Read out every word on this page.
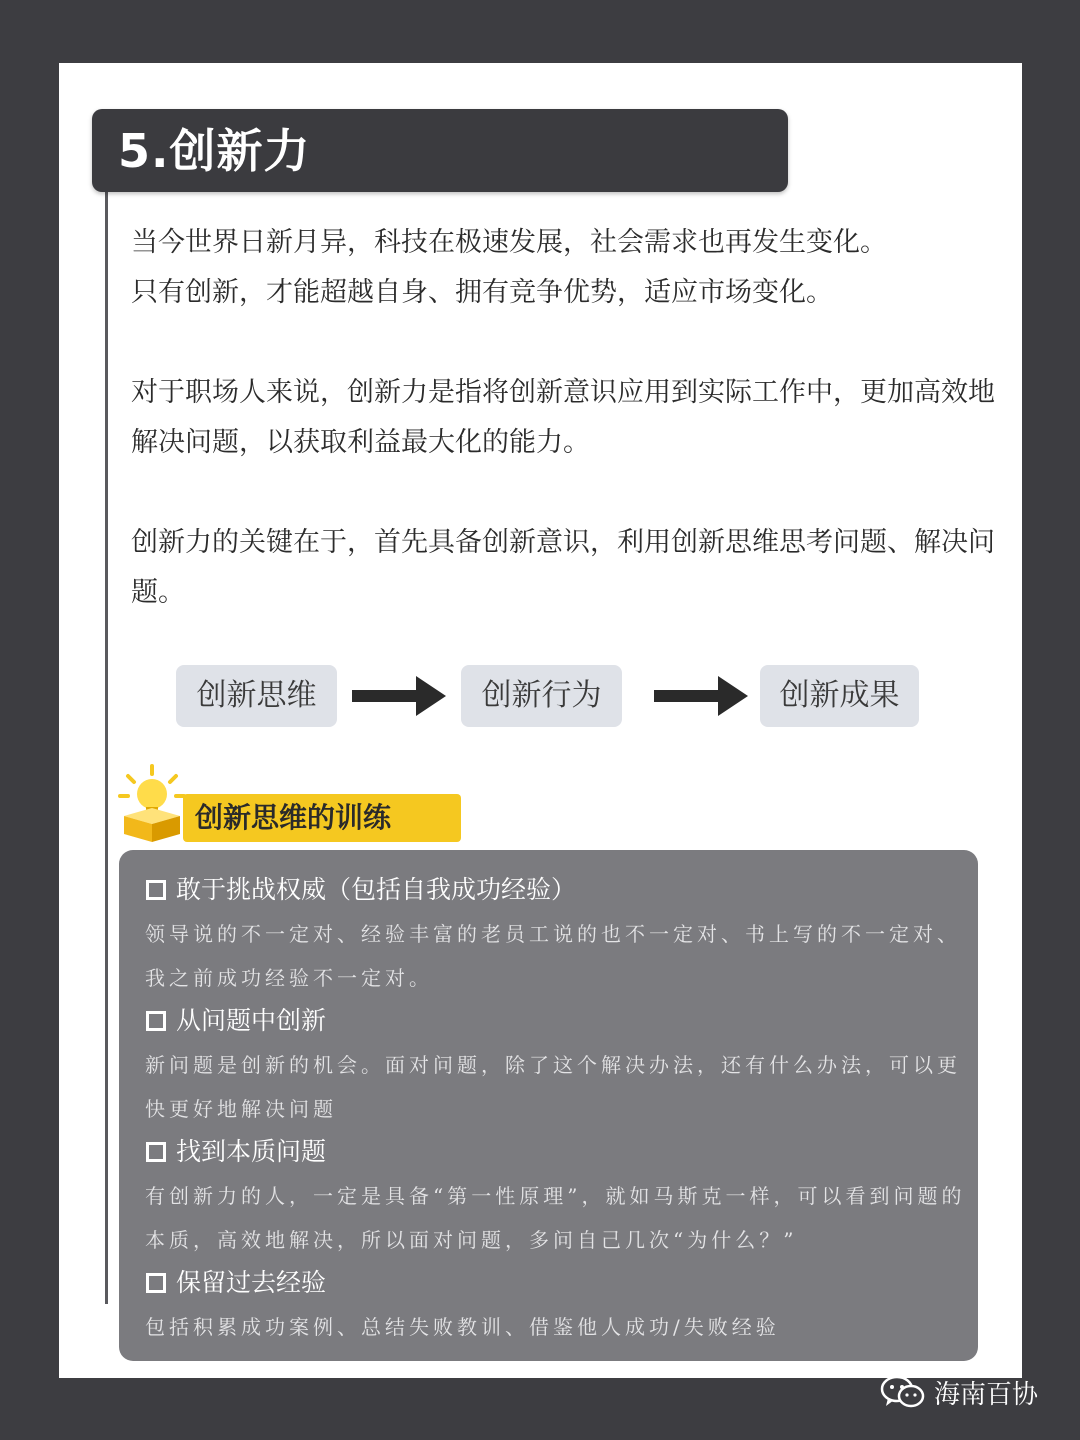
5.创新力

当今世界日新月异，科技在极速发展，社会需求也再发生变化。

只有创新，才能超越自身、拥有竞争优势，适应市场变化。

对于职场人来说，创新力是指将创新意识应用到实际工作中，更加高效地解决问题，以获取利益最大化的能力。

创新力的关键在于，首先具备创新意识，利用创新思维思考问题、解决问题。

创新思维	创新行为	创新成果
创新思维的训练
敢于挑战权威（包括自我成功经验）

领导说的不一定对、经验丰富的老员工说的也不一定对、书上写的不一定对、我之前成功经验不一定对。

从问题中创新

新问题是创新的机会。面对问题，除了这个解决办法，还有什么办法，可以更快更好地解决问题

找到本质问题

有创新力的人，一定是具备“第一性原理”，就如马斯克一样，可以看到问题的本质，高效地解决，所以面对问题，多问自己几次“为什么？”

保留过去经验

包括积累成功案例、总结失败教训、借鉴他人成功/失败经验

海南百协
